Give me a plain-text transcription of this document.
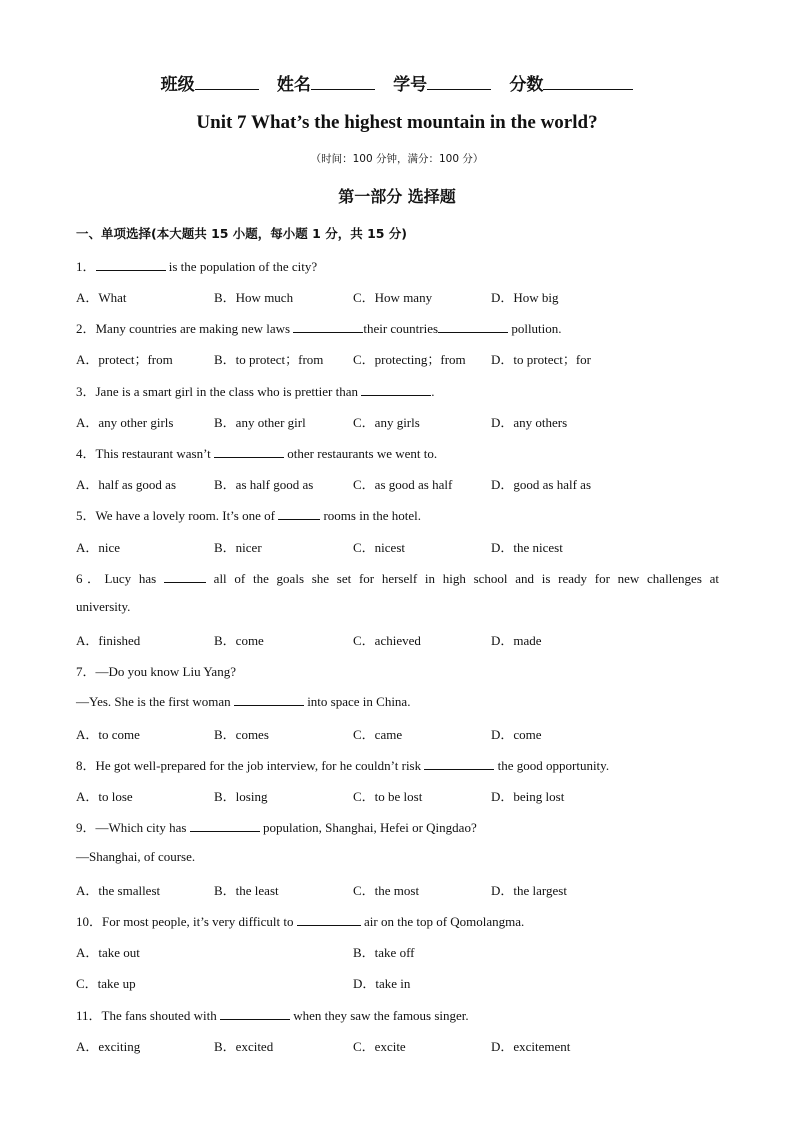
班级	姓名	学号	分数
Unit 7 What’s the highest mountain in the world?
（时间：100 分钟，满分：100 分）
第一部分 选择题
一、单项选择(本大题共 15 小题，每小题 1 分，共 15 分)
1．	is the population of the city?
A．What	B．How much	C．How many	D．How big
2．Many countries are making new laws	their countries	pollution.
A．protect；from	B．to protect；from C．protecting；from D．to protect；for
3．Jane is a smart girl in the class who is prettier than	.
A．any other girls	B．any other girl	C．any girls	D．any others
4．This restaurant wasn’t	other restaurants we went to.
A．half as good as	B．as half good as	C．as good as half	D．good as half as
5．We have a lovely room. It’s one of	rooms in the hotel.
A．nice	B．nicer	C．nicest	D．the nicest
6．Lucy has	all of the goals she set for herself in high school and is ready for new challenges at
university.
A．finished	B．come	C．achieved	D．made
7．—Do you know Liu Yang?
—Yes. She is the first woman	into space in China.
A．to come	B．comes	C．came	D．come
8．He got well-prepared for the job interview, for he couldn’t risk	the good opportunity.
A．to lose	B．losing	C．to be lost	D．being lost
9．—Which city has	population, Shanghai, Hefei or Qingdao?
—Shanghai, of course.
A．the smallest	B．the least	C．the most	D．the largest
10．For most people, it’s very difficult to	air on the top of Qomolangma.
A．take out	B．take off
C．take up	D．take in
11．The fans shouted with	when they saw the famous singer.
A．exciting	B．excited	C．excite	D．excitement
